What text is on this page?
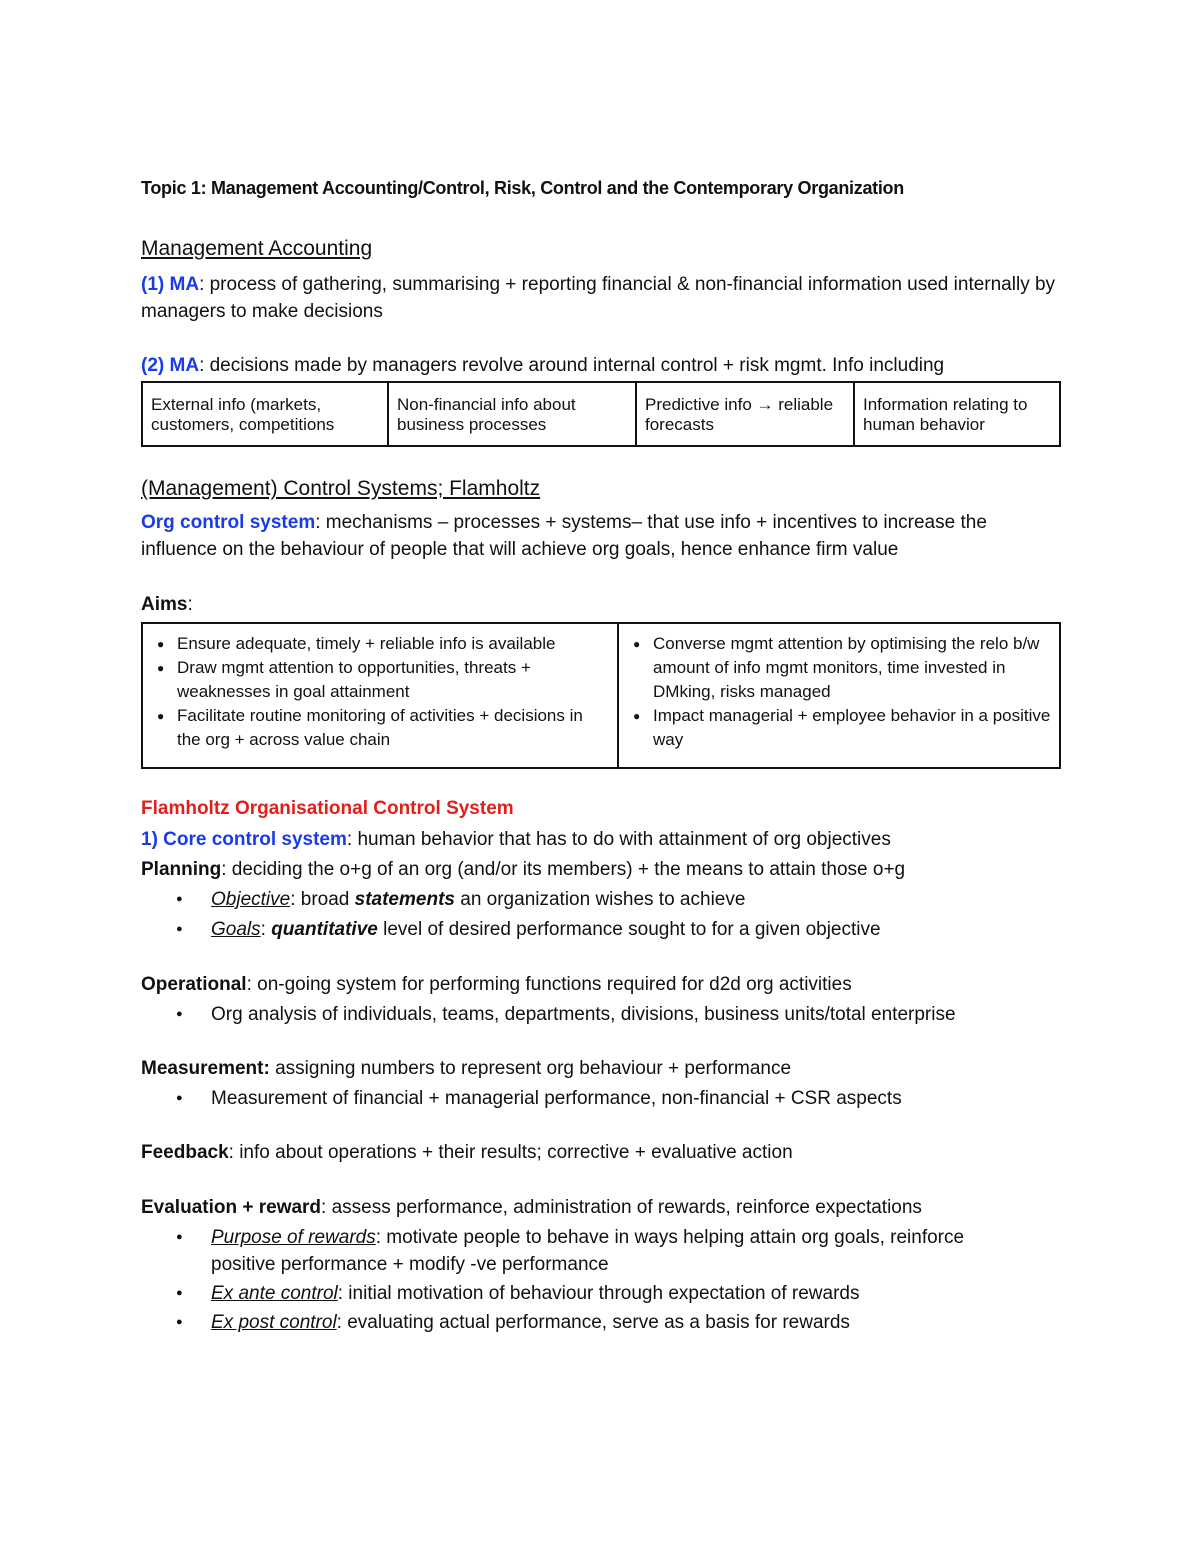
Topic 1: Management Accounting/Control, Risk, Control and the Contemporary Organization

Management Accounting

(1) MA: process of gathering, summarising + reporting financial & non-financial information used internally by managers to make decisions

(2) MA: decisions made by managers revolve around internal control + risk mgmt. Info including

External info (markets, customers, competitions	Non-financial info about business processes	Predictive info → reliable forecasts	Information relating to human behavior

(Management) Control Systems; Flamholtz

Org control system: mechanisms – processes + systems– that use info + incentives to increase the influence on the behaviour of people that will achieve org goals, hence enhance firm value

Aims:

● Ensure adequate, timely + reliable info is available
● Draw mgmt attention to opportunities, threats + weaknesses in goal attainment
● Facilitate routine monitoring of activities + decisions in the org + across value chain

● Converse mgmt attention by optimising the relo b/w amount of info mgmt monitors, time invested in DMking, risks managed
● Impact managerial + employee behavior in a positive way

Flamholtz Organisational Control System

1) Core control system: human behavior that has to do with attainment of org objectives

Planning: deciding the o+g of an org (and/or its members) + the means to attain those o+g

● Objective: broad statements an organization wishes to achieve
● Goals: quantitative level of desired performance sought to for a given objective

Operational: on-going system for performing functions required for d2d org activities

● Org analysis of individuals, teams, departments, divisions, business units/total enterprise

Measurement: assigning numbers to represent org behaviour + performance

● Measurement of financial + managerial performance, non-financial + CSR aspects

Feedback: info about operations + their results; corrective + evaluative action

Evaluation + reward: assess performance, administration of rewards, reinforce expectations

● Purpose of rewards: motivate people to behave in ways helping attain org goals, reinforce positive performance + modify -ve performance
● Ex ante control: initial motivation of behaviour through expectation of rewards
● Ex post control: evaluating actual performance, serve as a basis for rewards
